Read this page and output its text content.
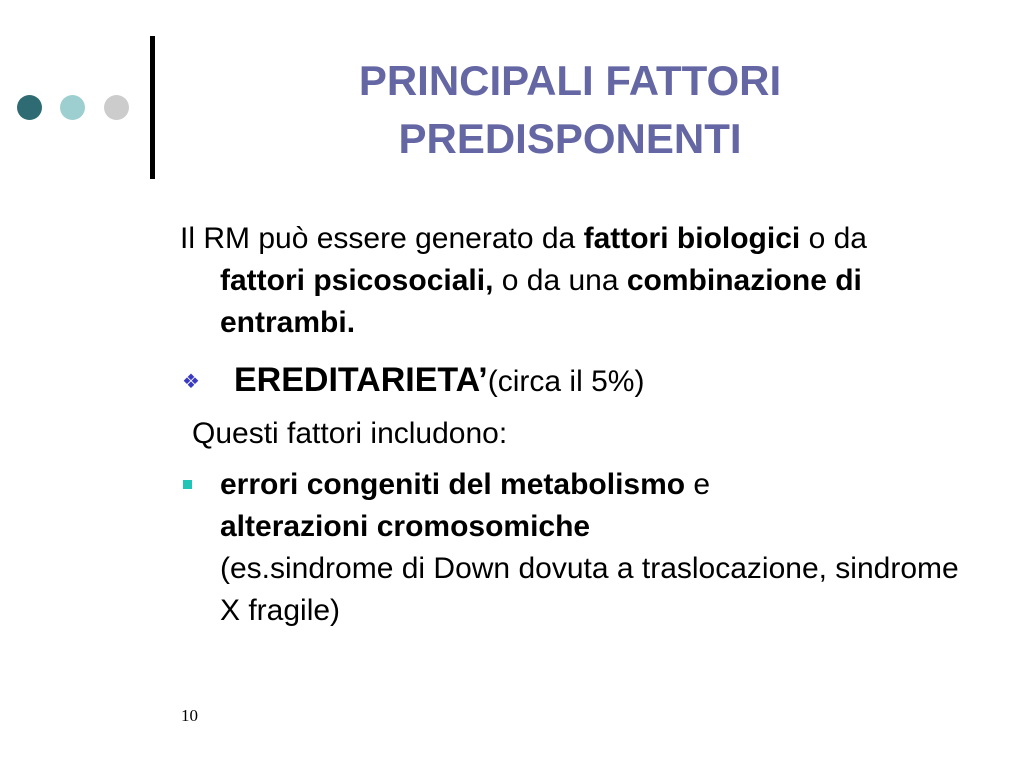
PRINCIPALI FATTORI
PREDISPONENTI
Il RM può essere generato da fattori biologici o da fattori psicosociali, o da una combinazione di entrambi.
❖ EREDITARIETA’(circa il 5%)
Questi fattori includono:
errori congeniti del metabolismo e
alterazioni cromosomiche
(es.sindrome di Down dovuta a traslocazione, sindrome X fragile)
10
